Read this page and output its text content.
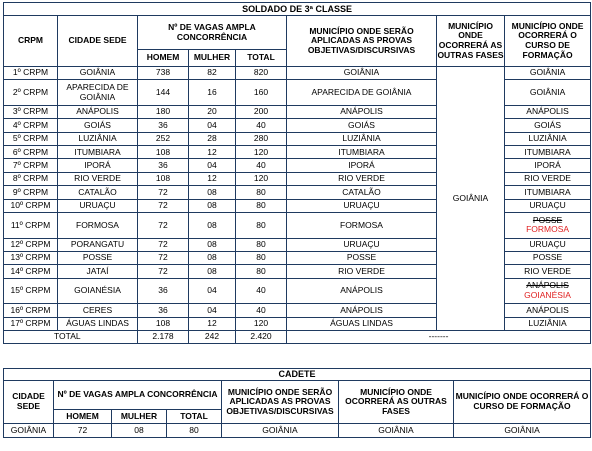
SOLDADO DE 3ª CLASSE							
CRPM	CIDADE SEDE	Nº DE VAGAS AMPLA CONCORRÊNCIA			MUNICÍPIO ONDE SERÃO APLICADAS AS PROVAS OBJETIVAS/DISCURSIVAS	MUNICÍPIO ONDE OCORRERÁ AS OUTRAS FASES	MUNICÍPIO ONDE OCORRERÁ O CURSO DE FORMAÇÃO
		HOMEM	MULHER	TOTAL			
1º CRPM	GOIÂNIA	738	82	820	GOIÂNIA	GOIÂNIA	GOIÂNIA
2º CRPM	APARECIDA DE GOIÂNIA	144	16	160	APARECIDA DE GOIÂNIA		GOIÂNIA
3º CRPM	ANÁPOLIS	180	20	200	ANÁPOLIS		ANÁPOLIS
4º CRPM	GOIÁS	36	04	40	GOIÁS		GOIÁS
5º CRPM	LUZIÂNIA	252	28	280	LUZIÂNIA		LUZIÂNIA
6º CRPM	ITUMBIARA	108	12	120	ITUMBIARA		ITUMBIARA
7º CRPM	IPORÁ	36	04	40	IPORÁ		IPORÁ
8º CRPM	RIO VERDE	108	12	120	RIO VERDE		RIO VERDE
9º CRPM	CATALÃO	72	08	80	CATALÃO		ITUMBIARA
10º CRPM	URUAÇU	72	08	80	URUAÇU		URUAÇU
11º CRPM	FORMOSA	72	08	80	FORMOSA		POSSE
FORMOSA

12º CRPM	PORANGATU	72	08	80	URUAÇU		URUAÇU
13º CRPM	POSSE	72	08	80	POSSE		POSSE
14º CRPM	JATAÍ	72	08	80	RIO VERDE		RIO VERDE
15º CRPM	GOIANÉSIA	36	04	40	ANÁPOLIS		ANÁPOLIS
GOIANÉSIA

16º CRPM	CERES	36	04	40	ANÁPOLIS		ANÁPOLIS
17º CRPM	ÁGUAS LINDAS	108	12	120	ÁGUAS LINDAS		LUZIÂNIA
TOTAL		2.178	242	2.420	-------		
CADETE						
CIDADE SEDE	Nº DE VAGAS AMPLA CONCORRÊNCIA			MUNICÍPIO ONDE SERÃO APLICADAS AS PROVAS OBJETIVAS/DISCURSIVAS	MUNICÍPIO ONDE OCORRERÁ AS OUTRAS FASES	MUNICÍPIO ONDE OCORRERÁ O CURSO DE FORMAÇÃO
	HOMEM	MULHER	TOTAL			
GOIÂNIA	72	08	80	GOIÂNIA	GOIÂNIA	GOIÂNIA
